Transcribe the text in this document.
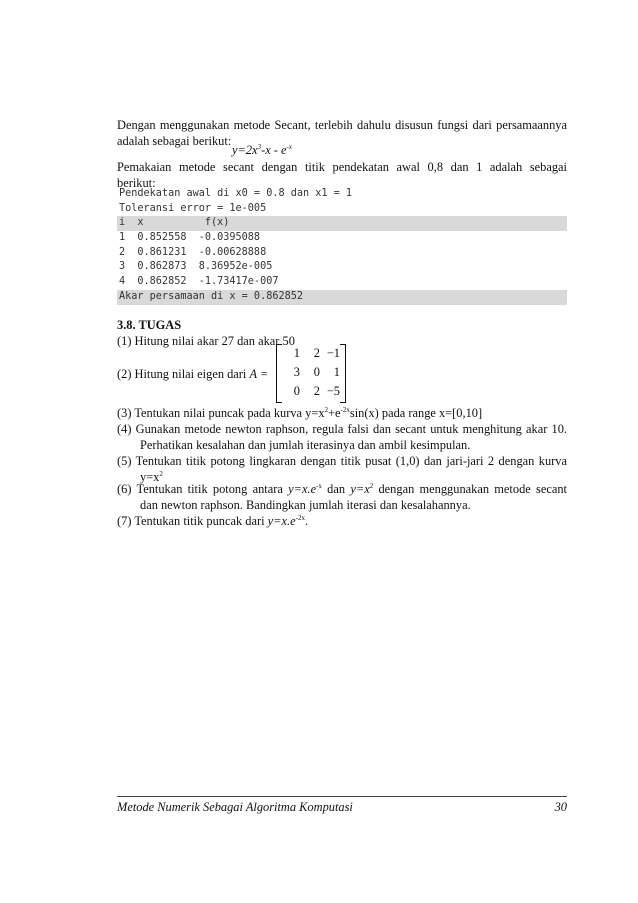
Dengan menggunakan metode Secant, terlebih dahulu disusun fungsi dari persamaannya
adalah sebagai berikut:
$y=2x^3-x - e^{-x}$
Pemakaian metode secant dengan titik pendekatan awal 0,8 dan 1 adalah sebagai
berikut:
Pendekatan awal di x0 = 0.8 dan x1 = 1
Toleransi error = 1e-005
i  x          f(x)
1  0.852558  -0.0395088
2  0.861231  -0.00628888
3  0.862873  8.36952e-005
4  0.862852  -1.73417e-007
Akar persamaan di x = 0.862852
3.8. TUGAS
(1) Hitung nilai akar 27 dan akar 50
(2) Hitung nilai eigen dari A =
1	2 −1
3	0	1
0	2 −5
(3) Tentukan nilai puncak pada kurva $y=x^2+e^{-2x}\sin(x)$ pada range x=[0,10]
(4) Gunakan metode newton raphson, regula falsi dan secant untuk menghitung akar 10.
Perhatikan kesalahan dan jumlah iterasinya dan ambil kesimpulan.
(5) Tentukan titik potong lingkaran dengan titik pusat (1,0) dan jari-jari 2 dengan kurva
$y=x^2$
(6) Tentukan titik potong antara $y=x.e^{-x}$ dan $y=x^2$ dengan menggunakan metode secant
dan newton raphson. Bandingkan jumlah iterasi dan kesalahannya.
(7) Tentukan titik puncak dari $y=x.e^{-2x}$.
Metode Numerik Sebagai Algoritma Komputasi	30
